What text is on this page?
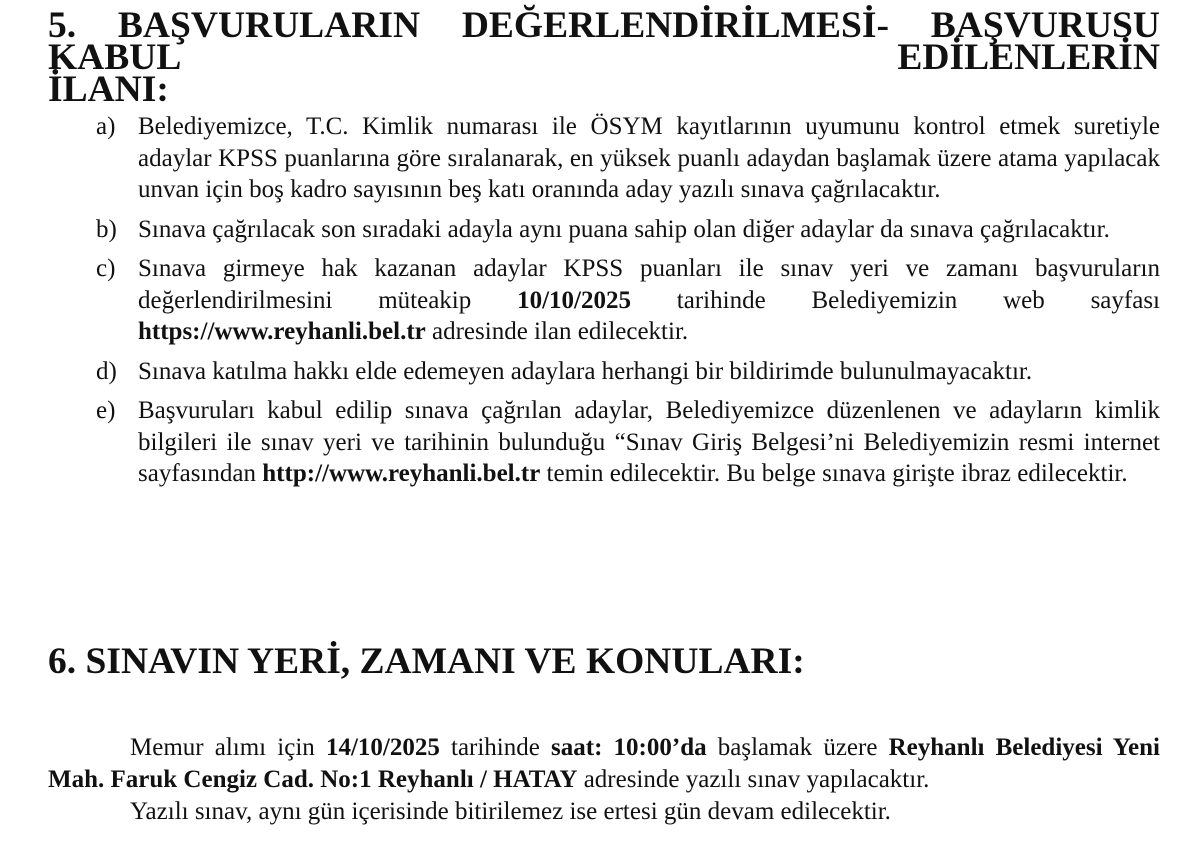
5. BAŞVURULARIN DEĞERLENDİRİLMESİ- BAŞVURUSU KABUL EDİLENLERİN
İLANI:
a) Belediyemizce, T.C. Kimlik numarası ile ÖSYM kayıtlarının uyumunu kontrol etmek suretiyle adaylar KPSS puanlarına göre sıralanarak, en yüksek puanlı adaydan başlamak üzere atama yapılacak unvan için boş kadro sayısının beş katı oranında aday yazılı sınava çağrılacaktır.
b) Sınava çağrılacak son sıradaki adayla aynı puana sahip olan diğer adaylar da sınava çağrılacaktır.
c) Sınava girmeye hak kazanan adaylar KPSS puanları ile sınav yeri ve zamanı başvuruların değerlendirilmesini müteakip 10/10/2025 tarihinde Belediyemizin web sayfası https://www.reyhanli.bel.tr adresinde ilan edilecektir.
d) Sınava katılma hakkı elde edemeyen adaylara herhangi bir bildirimde bulunulmayacaktır.
e) Başvuruları kabul edilip sınava çağrılan adaylar, Belediyemizce düzenlenen ve adayların kimlik bilgileri ile sınav yeri ve tarihinin bulunduğu “Sınav Giriş Belgesi’ni Belediyemizin resmi internet sayfasından http://www.reyhanli.bel.tr temin edilecektir. Bu belge sınava girişte ibraz edilecektir.
6. SINAVIN YERİ, ZAMANI VE KONULARI:

Memur alımı için 14/10/2025 tarihinde saat: 10:00’da başlamak üzere Reyhanlı Belediyesi Yeni Mah. Faruk Cengiz Cad. No:1 Reyhanlı / HATAY adresinde yazılı sınav yapılacaktır.

Yazılı sınav, aynı gün içerisinde bitirilemez ise ertesi gün devam edilecektir.
